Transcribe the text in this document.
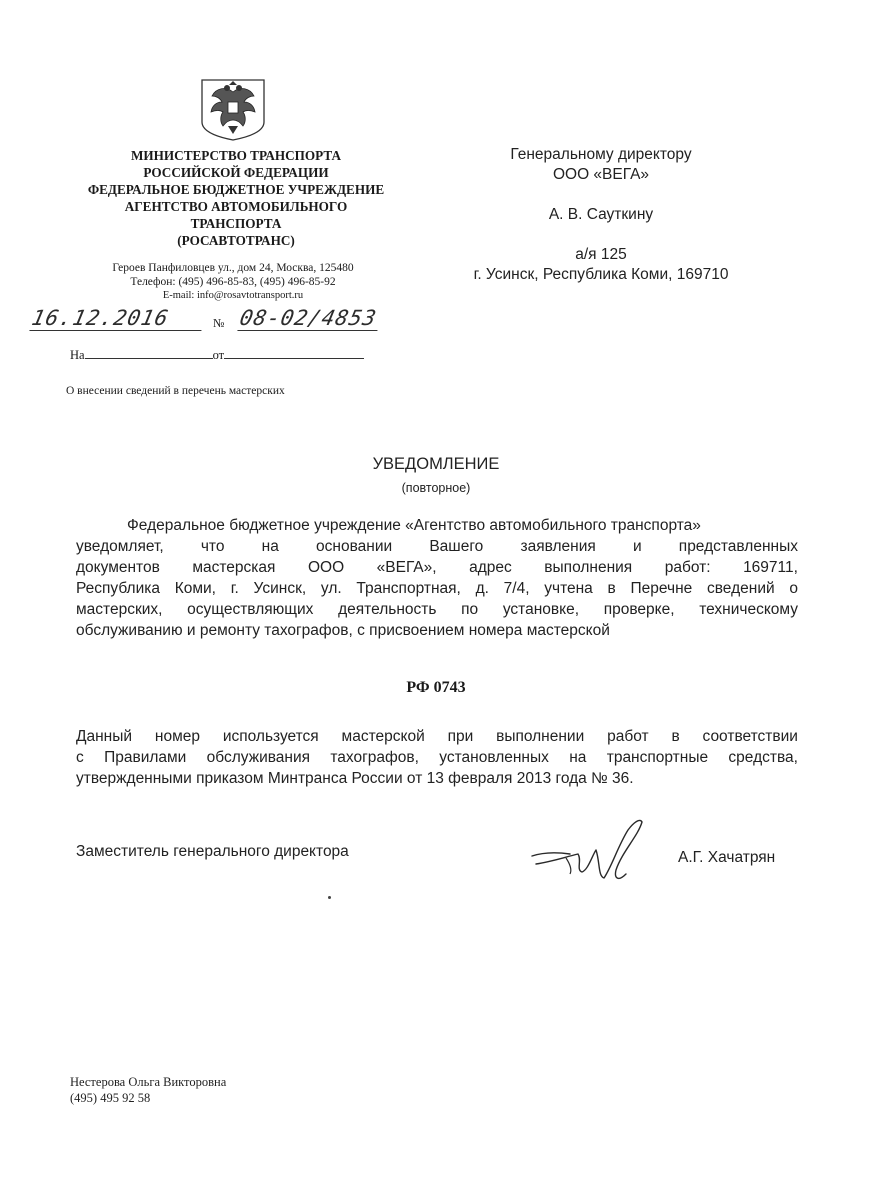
МИНИСТЕРСТВО ТРАНСПОРТА
РОССИЙСКОЙ ФЕДЕРАЦИИ
ФЕДЕРАЛЬНОЕ БЮДЖЕТНОЕ УЧРЕЖДЕНИЕ
АГЕНТСТВО АВТОМОБИЛЬНОГО
ТРАНСПОРТА
(РОСАВТОТРАНС)
Героев Панфиловцев ул., дом 24, Москва, 125480
Телефон: (495) 496-85-83, (495) 496-85-92
E-mail: info@rosavtotransport.ru
16.12.2016	№ 08-02/4853
На	от
О внесении сведений в перечень мастерских
Генеральному директору
ООО «ВЕГА»
А. В. Сауткину
а/я 125
г. Усинск, Республика Коми, 169710
УВЕДОМЛЕНИЕ
(повторное)
Федеральное бюджетное учреждение «Агентство автомобильного транспорта»
уведомляет, что на основании Вашего заявления и представленных
документов мастерская ООО «ВЕГА», адрес выполнения работ: 169711,
Республика Коми, г. Усинск, ул. Транспортная, д. 7/4, учтена в Перечне сведений о
мастерских, осуществляющих деятельность по установке, проверке, техническому
обслуживанию и ремонту тахографов, с присвоением номера мастерской
РФ 0743
Данный номер используется мастерской при выполнении работ в соответствии
с Правилами обслуживания тахографов, установленных на транспортные средства,
утвержденными приказом Минтранса России от 13 февраля 2013 года № 36.
Заместитель генерального директора	А.Г. Хачатрян
Нестерова Ольга Викторовна
(495) 495 92 58
